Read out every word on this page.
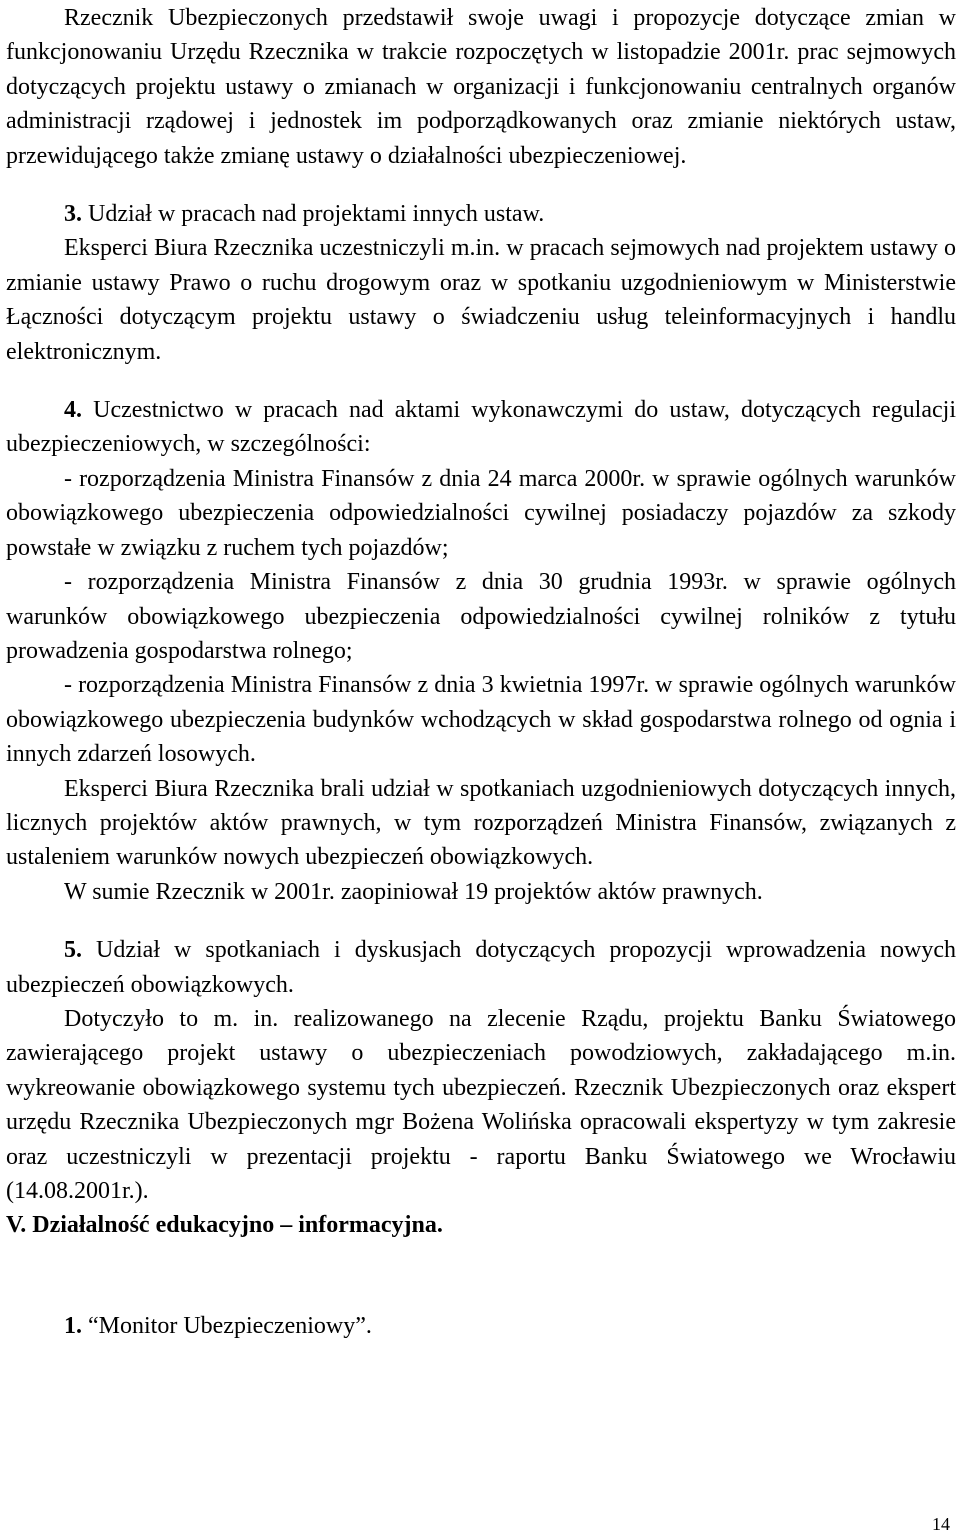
Rzecznik Ubezpieczonych przedstawił swoje uwagi i propozycje dotyczące zmian w funkcjonowaniu Urzędu Rzecznika w trakcie rozpoczętych w listopadzie 2001r. prac sejmowych dotyczących projektu ustawy o zmianach w organizacji i funkcjonowaniu centralnych organów administracji rządowej i jednostek im podporządkowanych oraz zmianie niektórych ustaw, przewidującego także zmianę ustawy o działalności ubezpieczeniowej.

3. Udział w pracach nad projektami innych ustaw.

Eksperci Biura Rzecznika uczestniczyli m.in. w pracach sejmowych nad projektem ustawy o zmianie ustawy Prawo o ruchu drogowym oraz w spotkaniu uzgodnieniowym w Ministerstwie Łączności dotyczącym projektu ustawy o świadczeniu usług teleinformacyjnych i handlu elektronicznym.

4. Uczestnictwo w pracach nad aktami wykonawczymi do ustaw, dotyczących regulacji ubezpieczeniowych, w szczególności:

- rozporządzenia Ministra Finansów z dnia 24 marca 2000r. w sprawie ogólnych warunków obowiązkowego ubezpieczenia odpowiedzialności cywilnej posiadaczy pojazdów za szkody powstałe w związku z ruchem tych pojazdów;

- rozporządzenia Ministra Finansów z dnia 30 grudnia 1993r. w sprawie ogólnych warunków obowiązkowego ubezpieczenia odpowiedzialności cywilnej rolników z tytułu prowadzenia gospodarstwa rolnego;

- rozporządzenia Ministra Finansów z dnia 3 kwietnia 1997r. w sprawie ogólnych warunków obowiązkowego ubezpieczenia budynków wchodzących w skład gospodarstwa rolnego od ognia i innych zdarzeń losowych.

Eksperci Biura Rzecznika brali udział w spotkaniach uzgodnieniowych dotyczących innych, licznych projektów aktów prawnych, w tym rozporządzeń Ministra Finansów, związanych z ustaleniem warunków nowych ubezpieczeń obowiązkowych.

W sumie Rzecznik w 2001r. zaopiniował 19 projektów aktów prawnych.

5. Udział w spotkaniach i dyskusjach dotyczących propozycji wprowadzenia nowych ubezpieczeń obowiązkowych.

Dotyczyło to m. in. realizowanego na zlecenie Rządu, projektu Banku Światowego zawierającego projekt ustawy o ubezpieczeniach powodziowych, zakładającego m.in. wykreowanie obowiązkowego systemu tych ubezpieczeń. Rzecznik Ubezpieczonych oraz ekspert urzędu Rzecznika Ubezpieczonych mgr Bożena Wolińska opracowali ekspertyzy w tym zakresie oraz uczestniczyli w prezentacji projektu - raportu Banku Światowego we Wrocławiu (14.08.2001r.).

V. Działalność edukacyjno – informacyjna.

1. “Monitor Ubezpieczeniowy”.

14
